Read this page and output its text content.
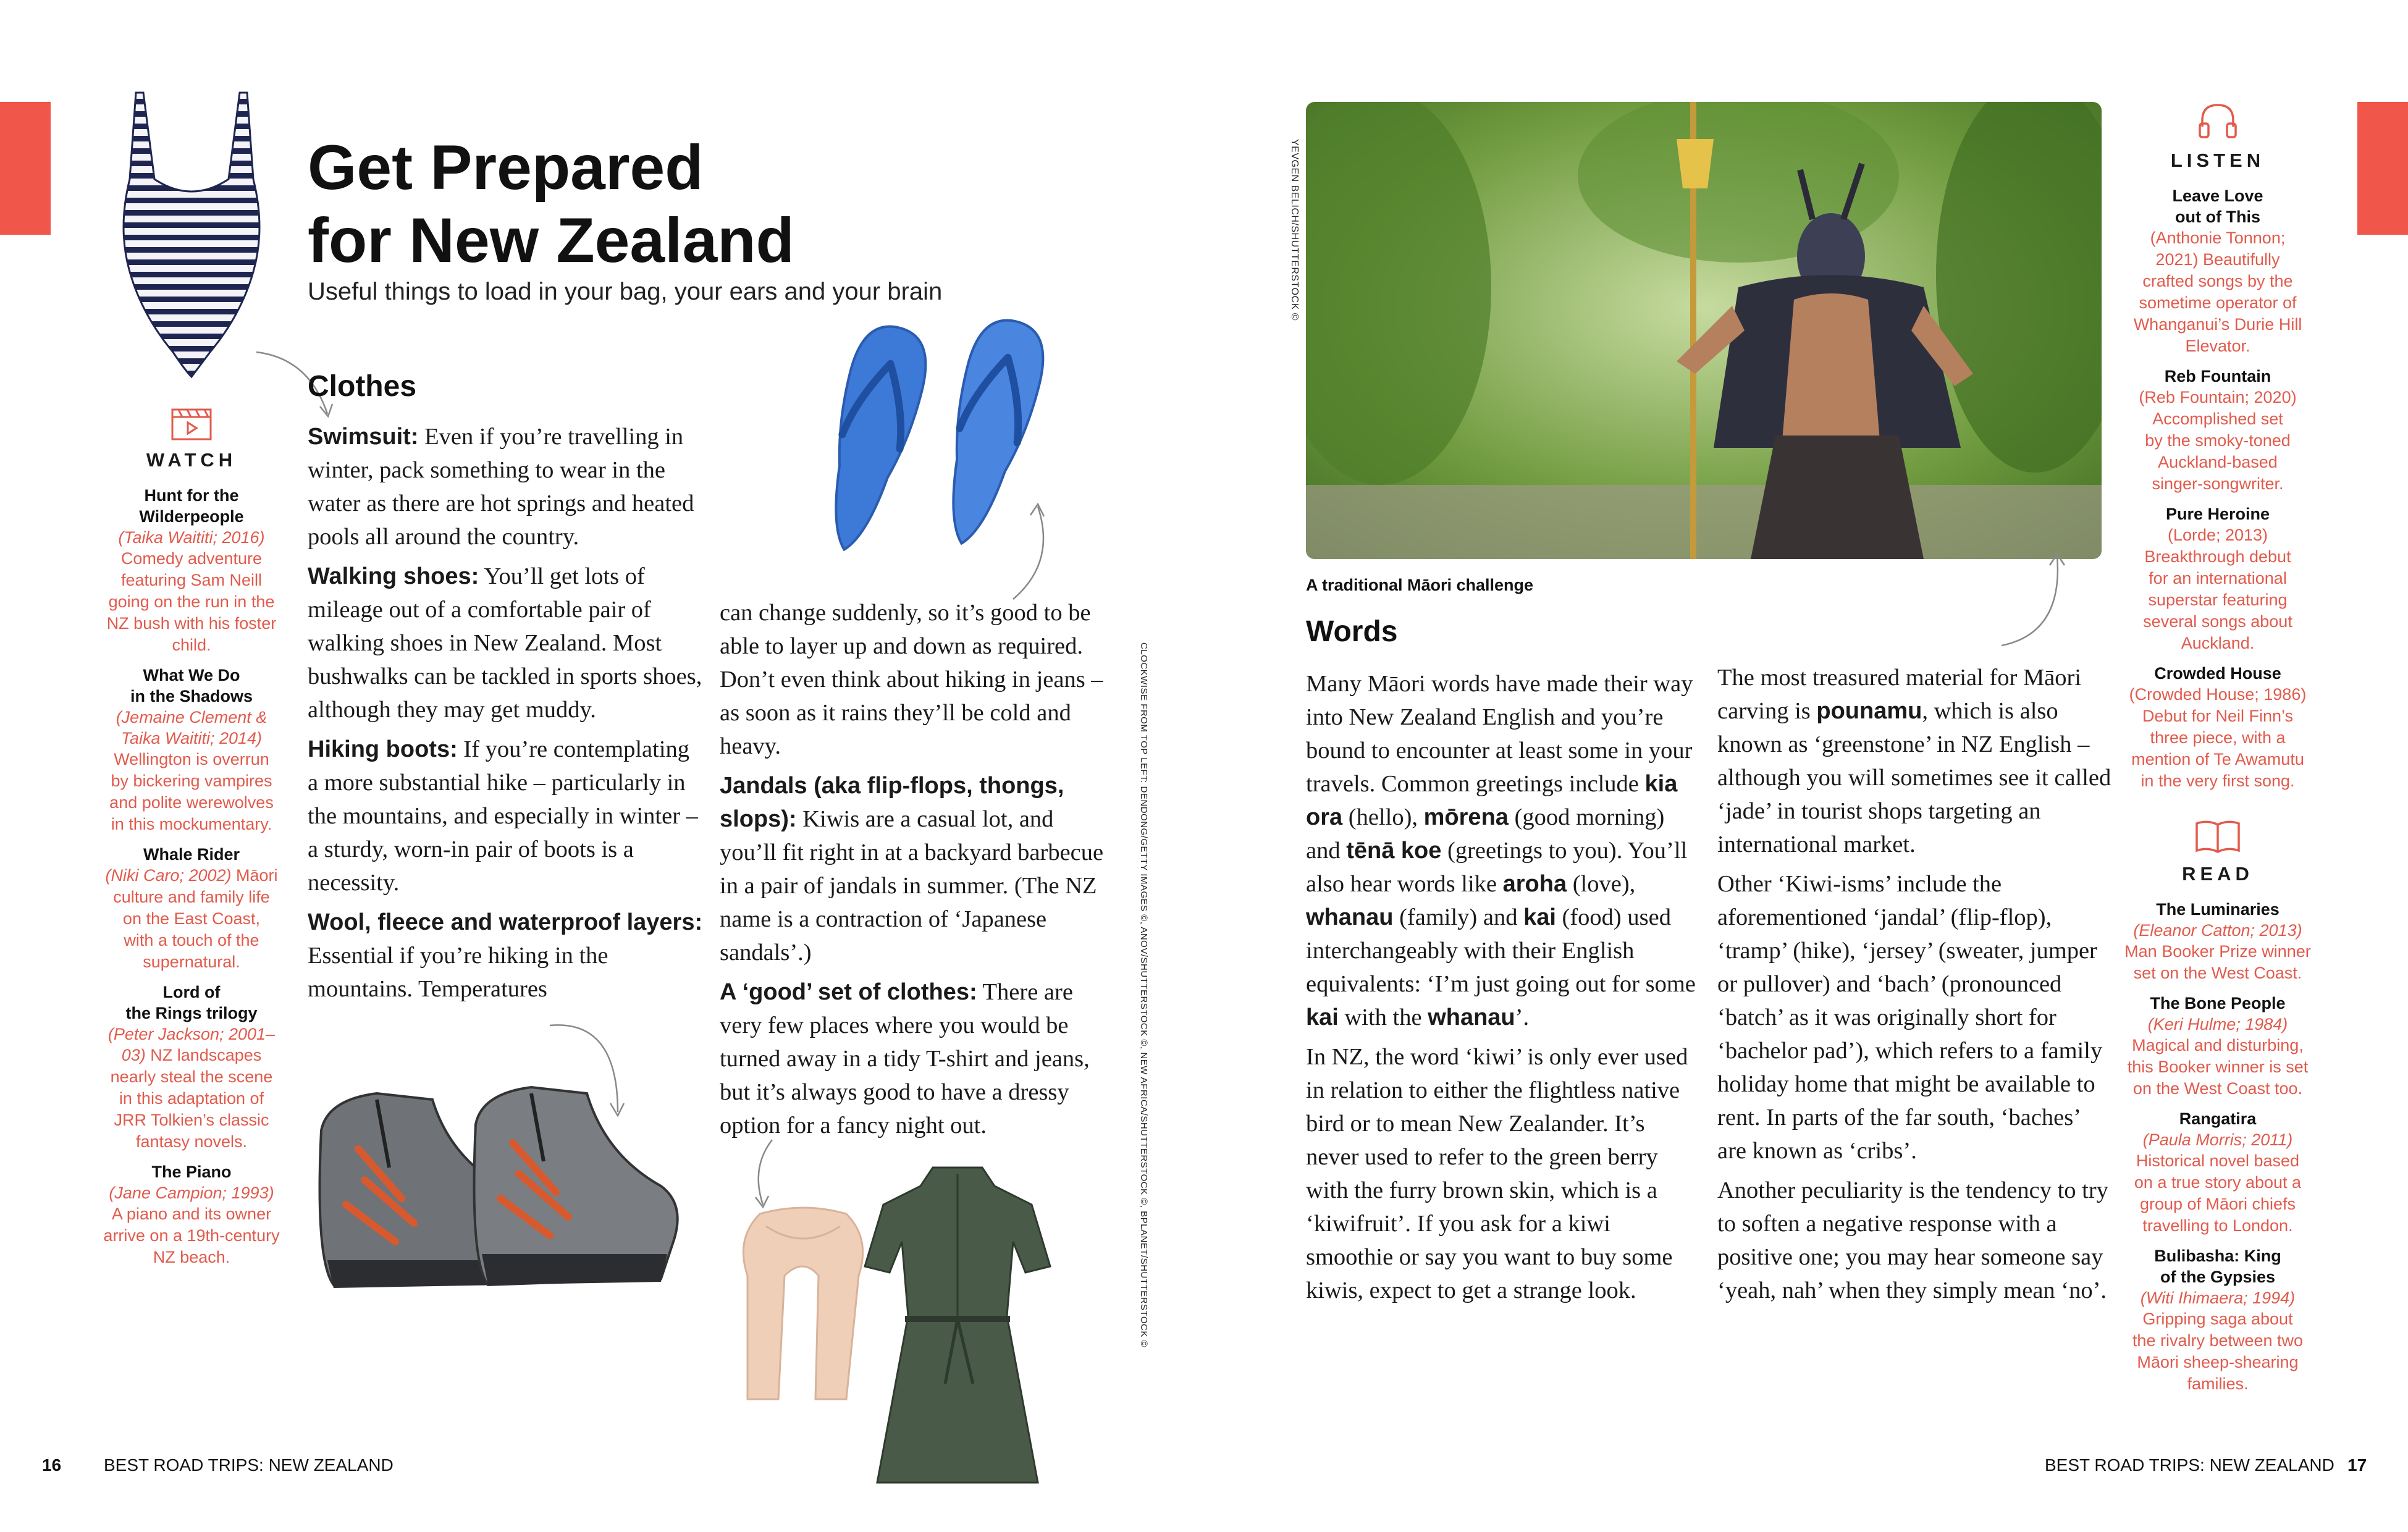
WATCH
Hunt for the
Wilderpeople
(Taika Waititi; 2016)
Comedy adventure
featuring Sam Neill
going on the run in the
NZ bush with his foster
child.
What We Do
in the Shadows
(Jemaine Clement &
Taika Waititi; 2014)
Wellington is overrun
by bickering vampires
and polite werewolves
in this mockumentary.
Whale Rider
(Niki Caro; 2002) Māori
culture and family life
on the East Coast,
with a touch of the
supernatural.
Lord of
the Rings trilogy
(Peter Jackson; 2001–
03) NZ landscapes
nearly steal the scene
in this adaptation of
JRR Tolkien’s classic
fantasy novels.
The Piano
(Jane Campion; 1993)
A piano and its owner
arrive on a 19th-century
NZ beach.
Get Prepared
for New Zealand
Useful things to load in your bag, your ears and your brain
Clothes

Swimsuit: Even if you’re travelling in winter, pack something to wear in the water as there are hot springs and heated pools all around the country.

Walking shoes: You’ll get lots of mileage out of a comfortable pair of walking shoes in New Zealand. Most bushwalks can be tackled in sports shoes, although they may get muddy.

Hiking boots: If you’re contemplating a more substantial hike – particularly in the mountains, and especially in winter – a sturdy, worn-in pair of boots is a necessity.

Wool, fleece and waterproof layers: Essential if you’re hiking in the mountains. Temperatures

can change suddenly, so it’s good to be able to layer up and down as required. Don’t even think about hiking in jeans – as soon as it rains they’ll be cold and heavy.

Jandals (aka flip-flops, thongs, slops): Kiwis are a casual lot, and you’ll fit right in at a backyard barbecue in a pair of jandals in summer. (The NZ name is a contraction of ‘Japanese sandals’.)

A ‘good’ set of clothes: There are very few places where you would be turned away in a tidy T-shirt and jeans, but it’s always good to have a dressy option for a fancy night out.	CLOCKWISE FROM TOP LEFT: DENDONG/GETTY IMAGES ©, ANOV/SHUTTERSTOCK ©, NEW AFRICA/SHUTTERSTOCK ©, BPLANET/SHUTTERSTOCK ©
16 BEST ROAD TRIPS: NEW ZEALAND
YEVGEN BELICH/SHUTTERSTOCK ©
A traditional Māori challenge
Words

Many Māori words have made their way into New Zealand English and you’re bound to encounter at least some in your travels. Common greetings include kia ora (hello), mōrena (good morning) and tēnā koe (greetings to you). You’ll also hear words like aroha (love), whanau (family) and kai (food) used interchangeably with their English equivalents: ‘I’m just going out for some kai with the whanau’.

In NZ, the word ‘kiwi’ is only ever used in relation to either the flightless native bird or to mean New Zealander. It’s never used to refer to the green berry with the furry brown skin, which is a ‘kiwifruit’. If you ask for a kiwi smoothie or say you want to buy some kiwis, expect to get a strange look.

The most treasured material for Māori carving is pounamu, which is also known as ‘greenstone’ in NZ English – although you will sometimes see it called ‘jade’ in tourist shops targeting an international market.

Other ‘Kiwi-isms’ include the aforementioned ‘jandal’ (flip-flop), ‘tramp’ (hike), ‘jersey’ (sweater, jumper or pullover) and ‘bach’ (pronounced ‘batch’ as it was originally short for ‘bachelor pad’), which refers to a family holiday home that might be available to rent. In parts of the far south, ‘baches’ are known as ‘cribs’.

Another peculiarity is the tendency to try to soften a negative response with a positive one; you may hear someone say ‘yeah, nah’ when they simply mean ‘no’.

LISTEN
Leave Love
out of This
(Anthonie Tonnon;
2021) Beautifully
crafted songs by the
sometime operator of
Whanganui’s Durie Hill
Elevator.
Reb Fountain
(Reb Fountain; 2020)
Accomplished set
by the smoky-toned
Auckland-based
singer-songwriter.
Pure Heroine
(Lorde; 2013)
Breakthrough debut
for an international
superstar featuring
several songs about
Auckland.
Crowded House
(Crowded House; 1986)
Debut for Neil Finn’s
three piece, with a
mention of Te Awamutu
in the very first song.
READ
The Luminaries
(Eleanor Catton; 2013)
Man Booker Prize winner
set on the West Coast.
The Bone People
(Keri Hulme; 1984)
Magical and disturbing,
this Booker winner is set
on the West Coast too.
Rangatira
(Paula Morris; 2011)
Historical novel based
on a true story about a
group of Māori chiefs
travelling to London.
Bulibasha: King
of the Gypsies
(Witi Ihimaera; 1994)
Gripping saga about
the rivalry between two
Māori sheep-shearing
families.
BEST ROAD TRIPS: NEW ZEALAND 17
